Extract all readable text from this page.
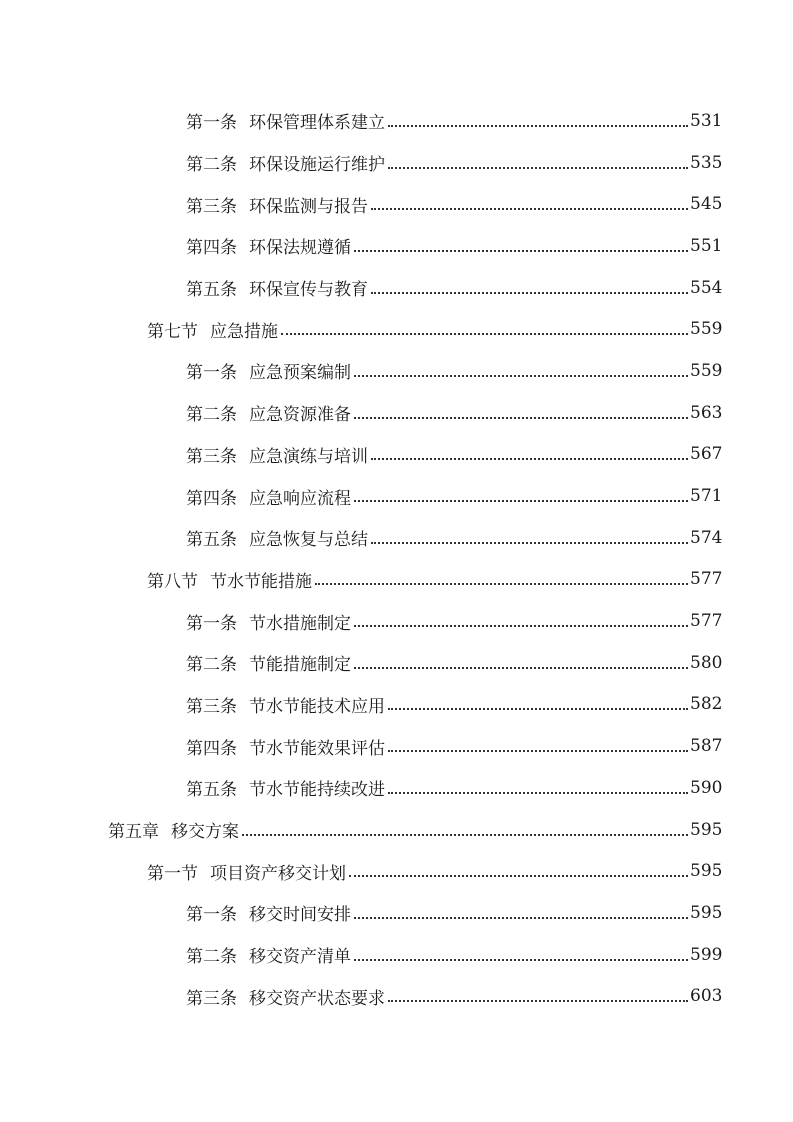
第一条 环保管理体系建立	531
第二条 环保设施运行维护	535
第三条 环保监测与报告	545
第四条 环保法规遵循	551
第五条 环保宣传与教育	554
第七节 应急措施	559
第一条 应急预案编制	559
第二条 应急资源准备	563
第三条 应急演练与培训	567
第四条 应急响应流程	571
第五条 应急恢复与总结	574
第八节 节水节能措施	577
第一条 节水措施制定	577
第二条 节能措施制定	580
第三条 节水节能技术应用	582
第四条 节水节能效果评估	587
第五条 节水节能持续改进	590
第五章 移交方案	595
第一节 项目资产移交计划	595
第一条 移交时间安排	595
第二条 移交资产清单	599
第三条 移交资产状态要求	603
